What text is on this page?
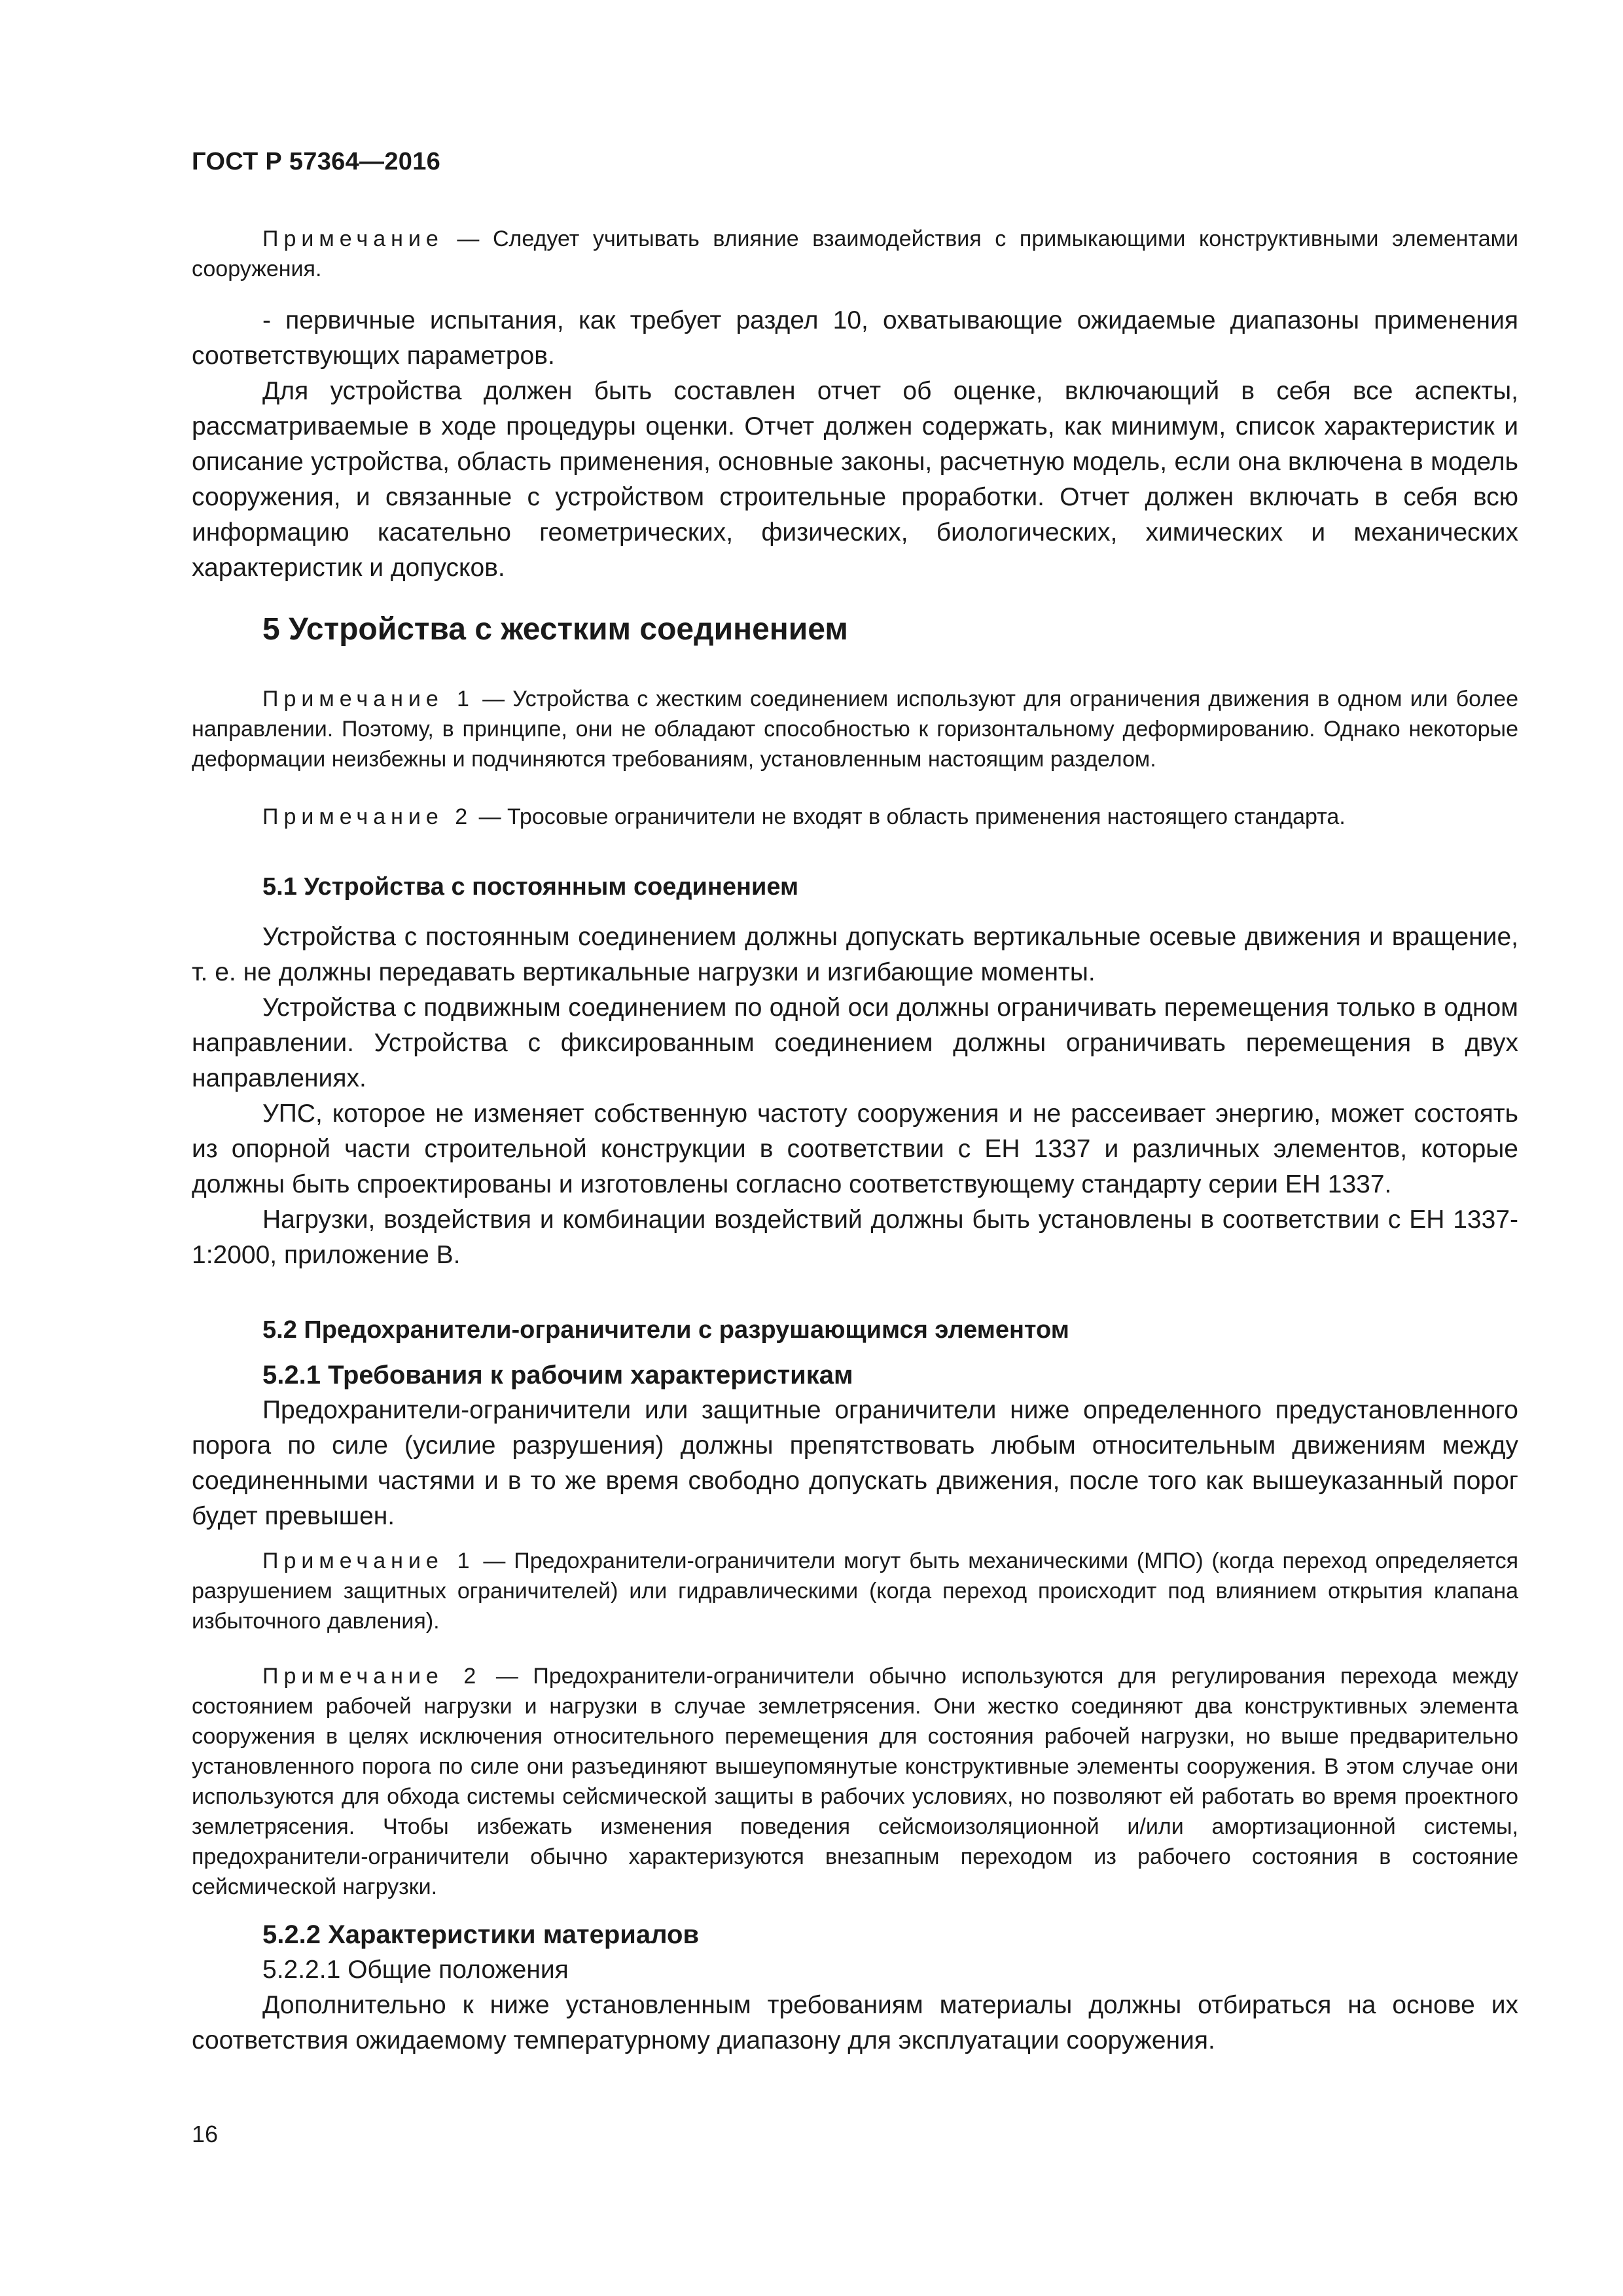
ГОСТ Р 57364—2016

Примечание — Следует учитывать влияние взаимодействия с примыкающими конструктивными элементами сооружения.

- первичные испытания, как требует раздел 10, охватывающие ожидаемые диапазоны применения соответствующих параметров.

Для устройства должен быть составлен отчет об оценке, включающий в себя все аспекты, рассматриваемые в ходе процедуры оценки. Отчет должен содержать, как минимум, список характеристик и описание устройства, область применения, основные законы, расчетную модель, если она включена в модель сооружения, и связанные с устройством строительные проработки. Отчет должен включать в себя всю информацию касательно геометрических, физических, биологических, химических и механических характеристик и допусков.

5 Устройства с жестким соединением

Примечание 1 — Устройства с жестким соединением используют для ограничения движения в одном или более направлении. Поэтому, в принципе, они не обладают способностью к горизонтальному деформированию. Однако некоторые деформации неизбежны и подчиняются требованиям, установленным настоящим разделом.

Примечание 2 — Тросовые ограничители не входят в область применения настоящего стандарта.

5.1 Устройства с постоянным соединением

Устройства с постоянным соединением должны допускать вертикальные осевые движения и вращение, т. е. не должны передавать вертикальные нагрузки и изгибающие моменты.

Устройства с подвижным соединением по одной оси должны ограничивать перемещения только в одном направлении. Устройства с фиксированным соединением должны ограничивать перемещения в двух направлениях.

УПС, которое не изменяет собственную частоту сооружения и не рассеивает энергию, может состоять из опорной части строительной конструкции в соответствии с ЕН 1337 и различных элементов, которые должны быть спроектированы и изготовлены согласно соответствующему стандарту серии ЕН 1337.

Нагрузки, воздействия и комбинации воздействий должны быть установлены в соответствии с ЕН 1337-1:2000, приложение В.

5.2 Предохранители-ограничители с разрушающимся элементом
5.2.1 Требования к рабочим характеристикам

Предохранители-ограничители или защитные ограничители ниже определенного предустановленного порога по силе (усилие разрушения) должны препятствовать любым относительным движениям между соединенными частями и в то же время свободно допускать движения, после того как вышеуказанный порог будет превышен.

Примечание 1 — Предохранители-ограничители могут быть механическими (МПО) (когда переход определяется разрушением защитных ограничителей) или гидравлическими (когда переход происходит под влиянием открытия клапана избыточного давления).

Примечание 2 — Предохранители-ограничители обычно используются для регулирования перехода между состоянием рабочей нагрузки и нагрузки в случае землетрясения. Они жестко соединяют два конструктивных элемента сооружения в целях исключения относительного перемещения для состояния рабочей нагрузки, но выше предварительно установленного порога по силе они разъединяют вышеупомянутые конструктивные элементы сооружения. В этом случае они используются для обхода системы сейсмической защиты в рабочих условиях, но позволяют ей работать во время проектного землетрясения. Чтобы избежать изменения поведения сейсмоизоляционной и/или амортизационной системы, предохранители-ограничители обычно характеризуются внезапным переходом из рабочего состояния в состояние сейсмической нагрузки.

5.2.2 Характеристики материалов
5.2.2.1 Общие положения

Дополнительно к ниже установленным требованиям материалы должны отбираться на основе их соответствия ожидаемому температурному диапазону для эксплуатации сооружения.

16
